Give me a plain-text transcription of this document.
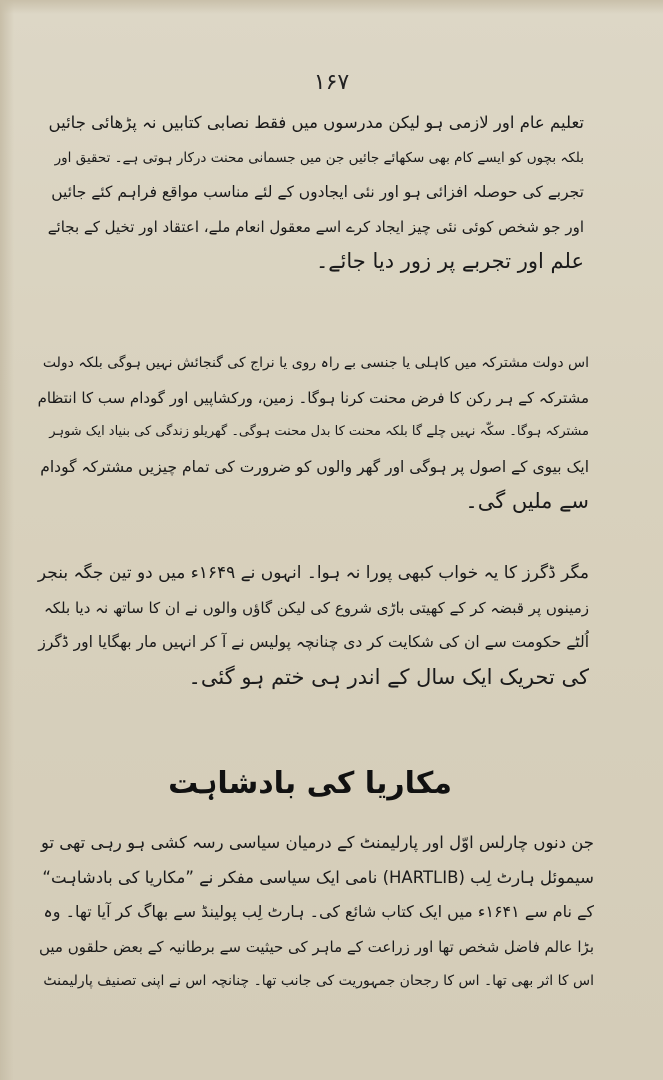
۱۶۷
تعلیم عام اور لازمی ہو لیکن مدرسوں میں فقط نصابی کتابیں نہ پڑھائی جائیں
بلکہ بچوں کو ایسے کام بھی سکھائے جائیں جن میں جسمانی محنت درکار ہوتی ہے۔ تحقیق اور
تجربے کی حوصلہ افزائی ہو اور نئی ایجادوں کے لئے مناسب مواقع فراہم کئے جائیں
اور جو شخص کوئی نئی چیز ایجاد کرے اسے معقول انعام ملے، اعتقاد اور تخیل کے بجائے
علم اور تجربے پر زور دیا جائے۔
اس دولت مشترکہ میں کاہلی یا جنسی بے راہ روی یا نراج کی گنجائش نہیں ہوگی بلکہ دولت
مشترکہ کے ہر رکن کا فرض محنت کرنا ہوگا۔ زمین، ورکشاپیں اور گودام سب کا انتظام
مشترکہ ہوگا۔ سکّہ نہیں چلے گا بلکہ محنت کا بدل محنت ہوگی۔ گھریلو زندگی کی بنیاد ایک شوہر
ایک بیوی کے اصول پر ہوگی اور گھر والوں کو ضرورت کی تمام چیزیں مشترکہ گودام
سے ملیں گی۔
مگر ڈگرز کا یہ خواب کبھی پورا نہ ہوا۔ انہوں نے ۱۶۴۹ء میں دو تین جگہ بنجر
زمینوں پر قبضہ کر کے کھیتی باڑی شروع کی لیکن گاؤں والوں نے ان کا ساتھ نہ دیا بلکہ
اُلٹے حکومت سے ان کی شکایت کر دی چنانچہ پولیس نے آ کر انہیں مار بھگایا اور ڈگرز
کی تحریک ایک سال کے اندر ہی ختم ہو گئی۔
مکاریا کی بادشاہت
جن دنوں چارلس اوّل اور پارلیمنٹ کے درمیان سیاسی رسہ کشی ہو رہی تھی تو
سیموئل ہارٹ لِب (HARTLIB) نامی ایک سیاسی مفکر نے ”مکاریا کی بادشاہت“
کے نام سے ۱۶۴۱ء میں ایک کتاب شائع کی۔ ہارٹ لِب پولینڈ سے بھاگ کر آیا تھا۔ وہ
بڑا عالم فاضل شخص تھا اور زراعت کے ماہر کی حیثیت سے برطانیہ کے بعض حلقوں میں
اس کا اثر بھی تھا۔ اس کا رجحان جمہوریت کی جانب تھا۔ چنانچہ اس نے اپنی تصنیف پارلیمنٹ
